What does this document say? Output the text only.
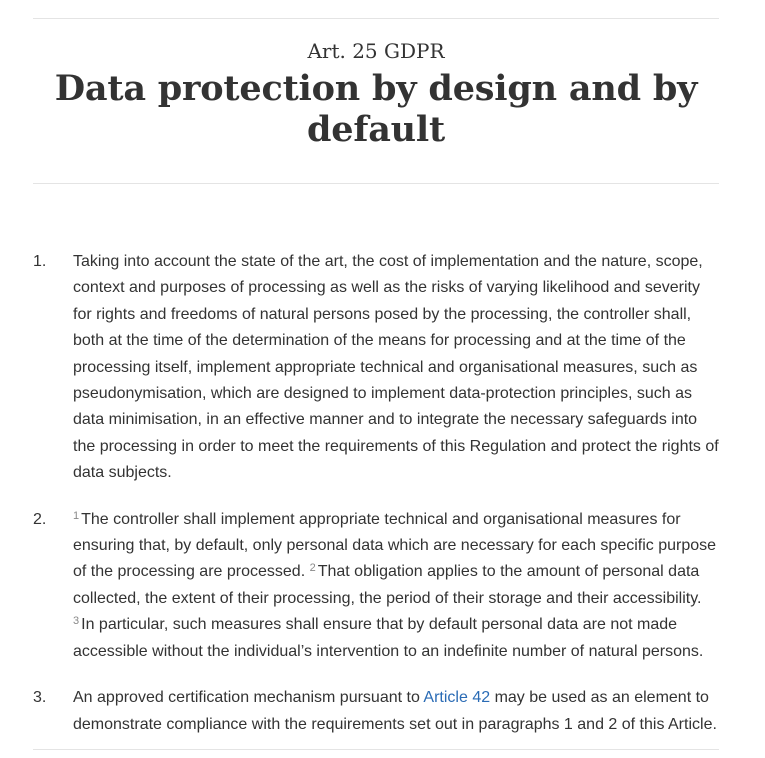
Art. 25 GDPR
Data protection by design and by default
1. Taking into account the state of the art, the cost of implementation and the nature, scope, context and purposes of processing as well as the risks of varying likelihood and severity for rights and freedoms of natural persons posed by the processing, the controller shall, both at the time of the determination of the means for processing and at the time of the processing itself, implement appropriate technical and organisational measures, such as pseudonymisation, which are designed to implement data-protection principles, such as data minimisation, in an effective manner and to integrate the necessary safeguards into the processing in order to meet the requirements of this Regulation and protect the rights of data subjects.
2. $^1$ The controller shall implement appropriate technical and organisational measures for ensuring that, by default, only personal data which are necessary for each specific purpose of the processing are processed. $^2$ That obligation applies to the amount of personal data collected, the extent of their processing, the period of their storage and their accessibility. $^3$ In particular, such measures shall ensure that by default personal data are not made accessible without the individual’s intervention to an indefinite number of natural persons.
3. An approved certification mechanism pursuant to Article 42 may be used as an element to demonstrate compliance with the requirements set out in paragraphs 1 and 2 of this Article.
